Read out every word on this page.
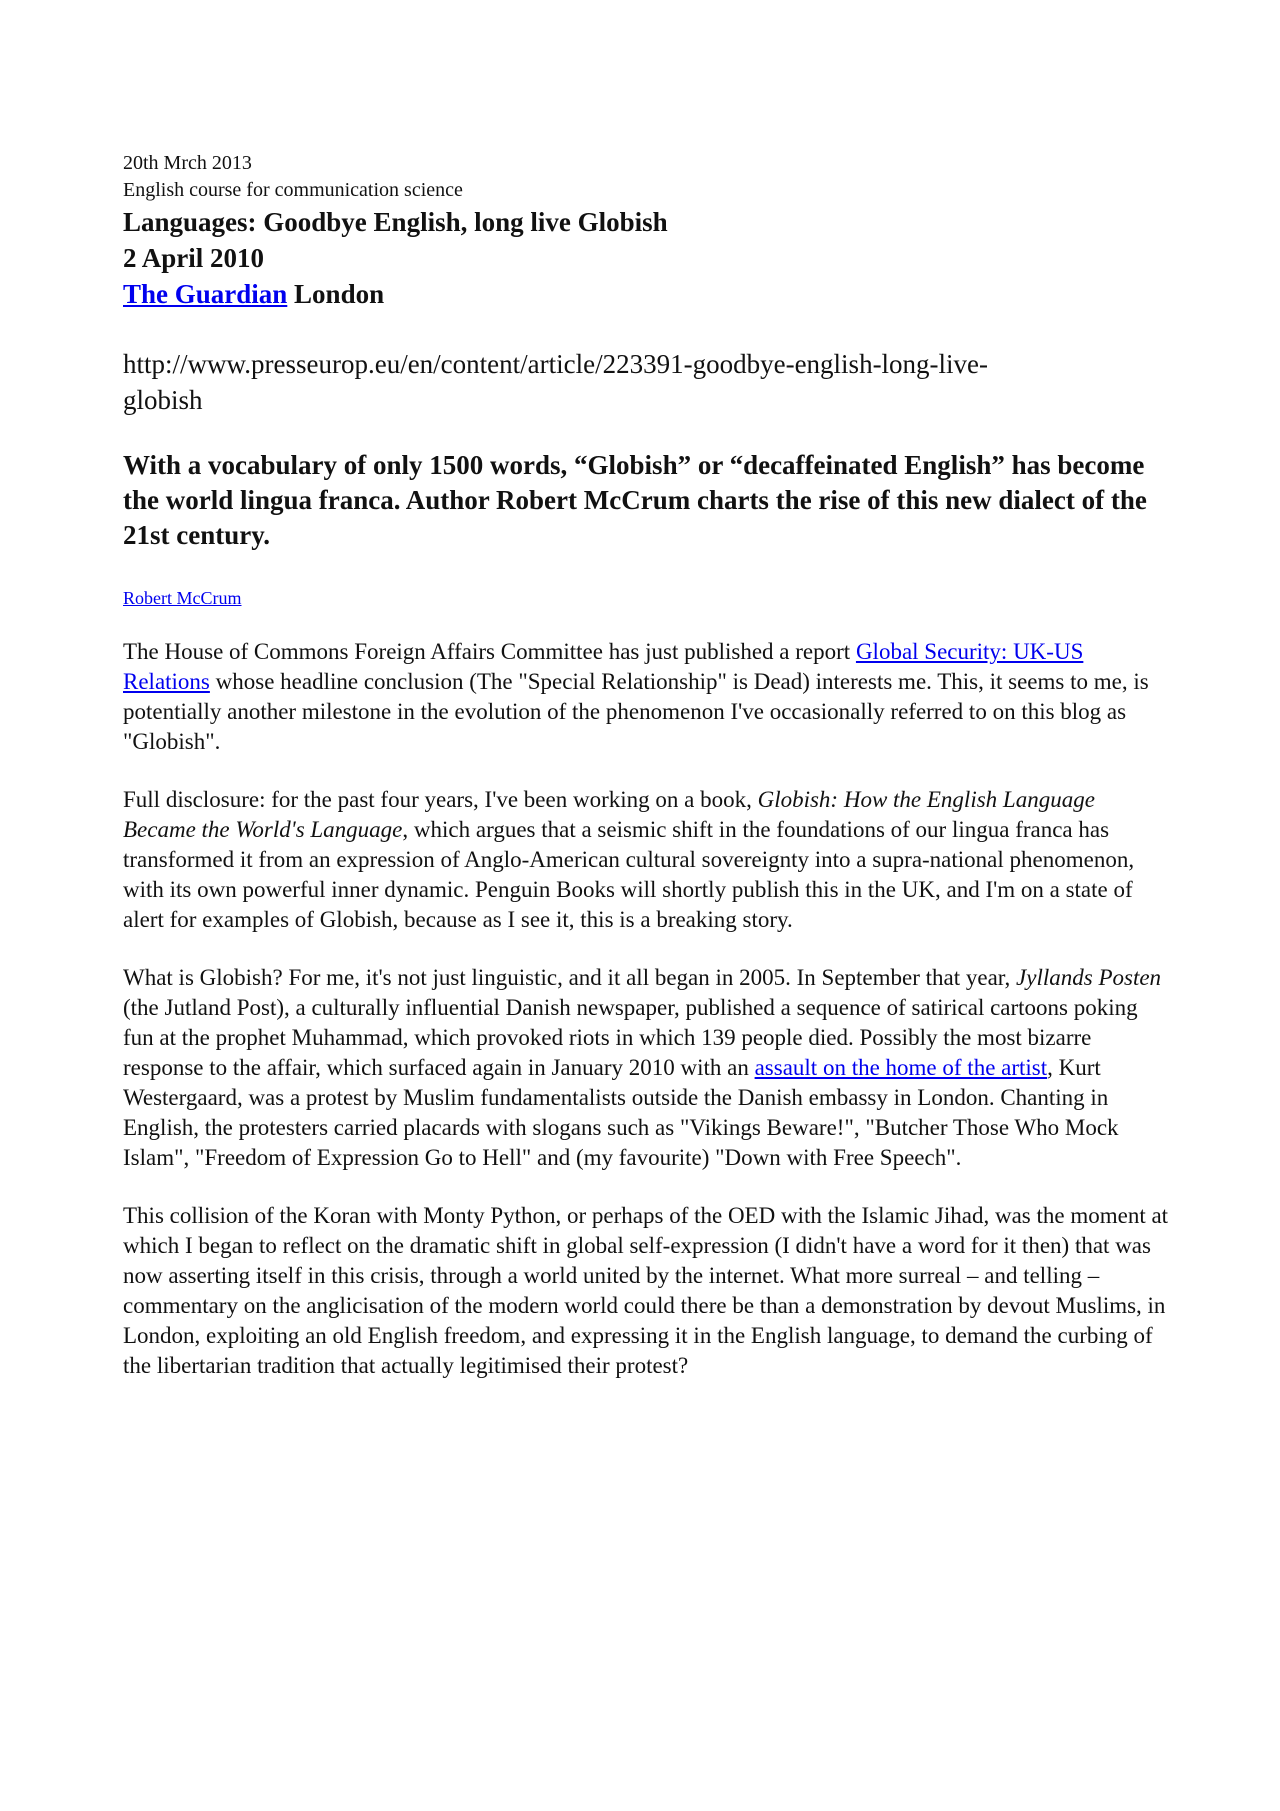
20th Mrch 2013
English course for communication science
Languages: Goodbye English, long live Globish
2 April 2010
The Guardian London
http://www.presseurop.eu/en/content/article/223391-goodbye-english-long-live-
globish
With a vocabulary of only 1500 words, “Globish” or “decaffeinated English” has become the world lingua franca. Author Robert McCrum charts the rise of this new dialect of the 21st century.
Robert McCrum

The House of Commons Foreign Affairs Committee has just published a report Global Security: UK-US Relations whose headline conclusion (The "Special Relationship" is Dead) interests me. This, it seems to me, is potentially another milestone in the evolution of the phenomenon I've occasionally referred to on this blog as "Globish".

Full disclosure: for the past four years, I've been working on a book, Globish: How the English Language Became the World's Language, which argues that a seismic shift in the foundations of our lingua franca has transformed it from an expression of Anglo-American cultural sovereignty into a supra-national phenomenon, with its own powerful inner dynamic. Penguin Books will shortly publish this in the UK, and I'm on a state of alert for examples of Globish, because as I see it, this is a breaking story.

What is Globish? For me, it's not just linguistic, and it all began in 2005. In September that year, Jyllands Posten (the Jutland Post), a culturally influential Danish newspaper, published a sequence of satirical cartoons poking fun at the prophet Muhammad, which provoked riots in which 139 people died. Possibly the most bizarre response to the affair, which surfaced again in January 2010 with an assault on the home of the artist, Kurt Westergaard, was a protest by Muslim fundamentalists outside the Danish embassy in London. Chanting in English, the protesters carried placards with slogans such as "Vikings Beware!", "Butcher Those Who Mock Islam", "Freedom of Expression Go to Hell" and (my favourite) "Down with Free Speech".

This collision of the Koran with Monty Python, or perhaps of the OED with the Islamic Jihad, was the moment at which I began to reflect on the dramatic shift in global self-expression (I didn't have a word for it then) that was now asserting itself in this crisis, through a world united by the internet. What more surreal – and telling – commentary on the anglicisation of the modern world could there be than a demonstration by devout Muslims, in London, exploiting an old English freedom, and expressing it in the English language, to demand the curbing of the libertarian tradition that actually legitimised their protest?
